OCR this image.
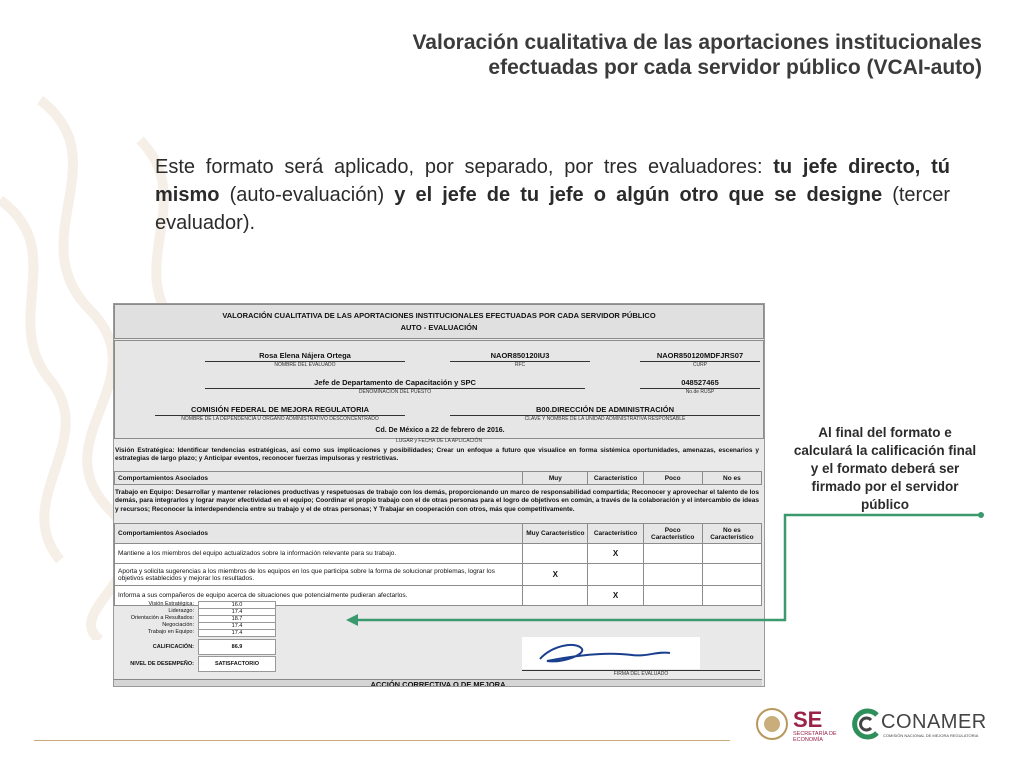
Valoración cualitativa de las aportaciones institucionales
efectuadas por cada servidor público (VCAI-auto)
Este formato será aplicado, por separado, por tres evaluadores: tu jefe directo, tú mismo (auto-evaluación) y el jefe de tu jefe o algún otro que se designe (tercer evaluador).
VALORACIÓN CUALITATIVA DE LAS APORTACIONES INSTITUCIONALES EFECTUADAS POR CADA SERVIDOR PÚBLICO
AUTO - EVALUACIÓN
Rosa Elena Nájera Ortega
NOMBRE DEL EVALUADO
NAOR850120IU3
RFC
NAOR850120MDFJRS07
CURP
Jefe de Departamento de Capacitación y SPC
DENOMINACIÓN DEL PUESTO
048527465
No.de RUSP
COMISIÓN FEDERAL DE MEJORA REGULATORIA
NOMBRE DE LA DEPENDENCIA U ÓRGANO ADMINISTRATIVO DESCONCENTRADO
B00.DIRECCIÓN DE ADMINISTRACIÓN
CLAVE Y NOMBRE DE LA UNIDAD ADMINISTRATIVA RESPONSABLE
Cd. De México a 22 de febrero de 2016.
LUGAR y FECHA DE LA APLICACIÓN
Visión Estratégica: Identificar tendencias estratégicas, así como sus implicaciones y posibilidades; Crear un enfoque a futuro que visualice en forma sistémica oportunidades, amenazas, escenarios y estrategias de largo plazo; y Anticipar eventos, reconocer fuerzas impulsoras y restrictivas.
Comportamientos Asociados	Muy	Característico	Poco	No es
Trabajo en Equipo: Desarrollar y mantener relaciones productivas y respetuosas de trabajo con los demás, proporcionando un marco de responsabilidad compartida; Reconocer y aprovechar el talento de los demás, para integrarlos y lograr mayor efectividad en el equipo; Coordinar el propio trabajo con el de otras personas para el logro de objetivos en común, a través de la colaboración y el intercambio de ideas y recursos; Reconocer la interdependencia entre su trabajo y el de otras personas; Y Trabajar en cooperación con otros, más que competitivamente.
Comportamientos Asociados	Muy Característico	Característico	Poco Característico	No es Característico
Mantiene a los miembros del equipo actualizados sobre la información relevante para su trabajo.		X		
Aporta y solicita sugerencias a los miembros de los equipos en los que participa sobre la forma de solucionar problemas, lograr los objetivos establecidos y mejorar los resultados.	X			
Informa a sus compañeros de equipo acerca de situaciones que potencialmente pudieran afectarlos.		X		
Visión Estratégica:	16.0
Liderazgo:	17.4
Orientación a Resultados:	18.7
Negociación:	17.4
Trabajo en Equipo:	17.4
CALIFICACIÓN:	86.9
NIVEL DE DESEMPEÑO:	SATISFACTORIO
FIRMA DEL EVALUADO
ACCIÓN CORRECTIVA O DE MEJORA
Al final del formato e calculará la calificación final y el formato deberá ser firmado por el servidor público
SE
SECRETARÍA DE ECONOMÍA
CONAMER
COMISIÓN NACIONAL DE MEJORA REGULATORIA
